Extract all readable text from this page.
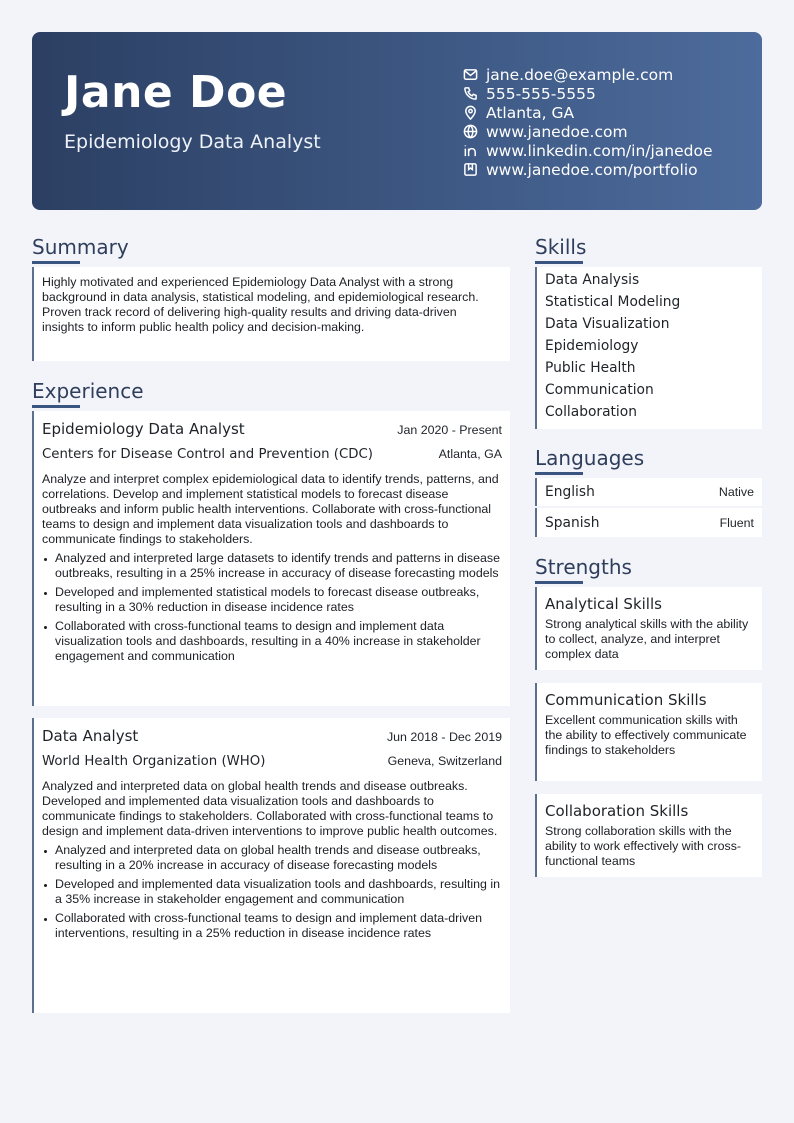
Jane Doe
Epidemiology Data Analyst
jane.doe@example.com
555-555-5555
Atlanta, GA
www.janedoe.com
www.linkedin.com/in/janedoe
www.janedoe.com/portfolio
Summary
Highly motivated and experienced Epidemiology Data Analyst with a strong background in data analysis, statistical modeling, and epidemiological research. Proven track record of delivering high-quality results and driving data-driven insights to inform public health policy and decision-making.
Experience
Epidemiology Data Analyst	Jan 2020 - Present
Centers for Disease Control and Prevention (CDC)	Atlanta, GA
Analyze and interpret complex epidemiological data to identify trends, patterns, and correlations. Develop and implement statistical models to forecast disease outbreaks and inform public health interventions. Collaborate with cross-functional teams to design and implement data visualization tools and dashboards to communicate findings to stakeholders.
Analyzed and interpreted large datasets to identify trends and patterns in disease outbreaks, resulting in a 25% increase in accuracy of disease forecasting models
Developed and implemented statistical models to forecast disease outbreaks, resulting in a 30% reduction in disease incidence rates
Collaborated with cross-functional teams to design and implement data visualization tools and dashboards, resulting in a 40% increase in stakeholder engagement and communication
Data Analyst	Jun 2018 - Dec 2019
World Health Organization (WHO)	Geneva, Switzerland
Analyzed and interpreted data on global health trends and disease outbreaks. Developed and implemented data visualization tools and dashboards to communicate findings to stakeholders. Collaborated with cross-functional teams to design and implement data-driven interventions to improve public health outcomes.
Analyzed and interpreted data on global health trends and disease outbreaks, resulting in a 20% increase in accuracy of disease forecasting models
Developed and implemented data visualization tools and dashboards, resulting in a 35% increase in stakeholder engagement and communication
Collaborated with cross-functional teams to design and implement data-driven interventions, resulting in a 25% reduction in disease incidence rates
Skills
Data Analysis
Statistical Modeling
Data Visualization
Epidemiology
Public Health
Communication
Collaboration
Languages
English	Native
Spanish	Fluent
Strengths
Analytical Skills
Strong analytical skills with the ability to collect, analyze, and interpret complex data
Communication Skills
Excellent communication skills with the ability to effectively communicate findings to stakeholders
Collaboration Skills
Strong collaboration skills with the ability to work effectively with cross-functional teams
